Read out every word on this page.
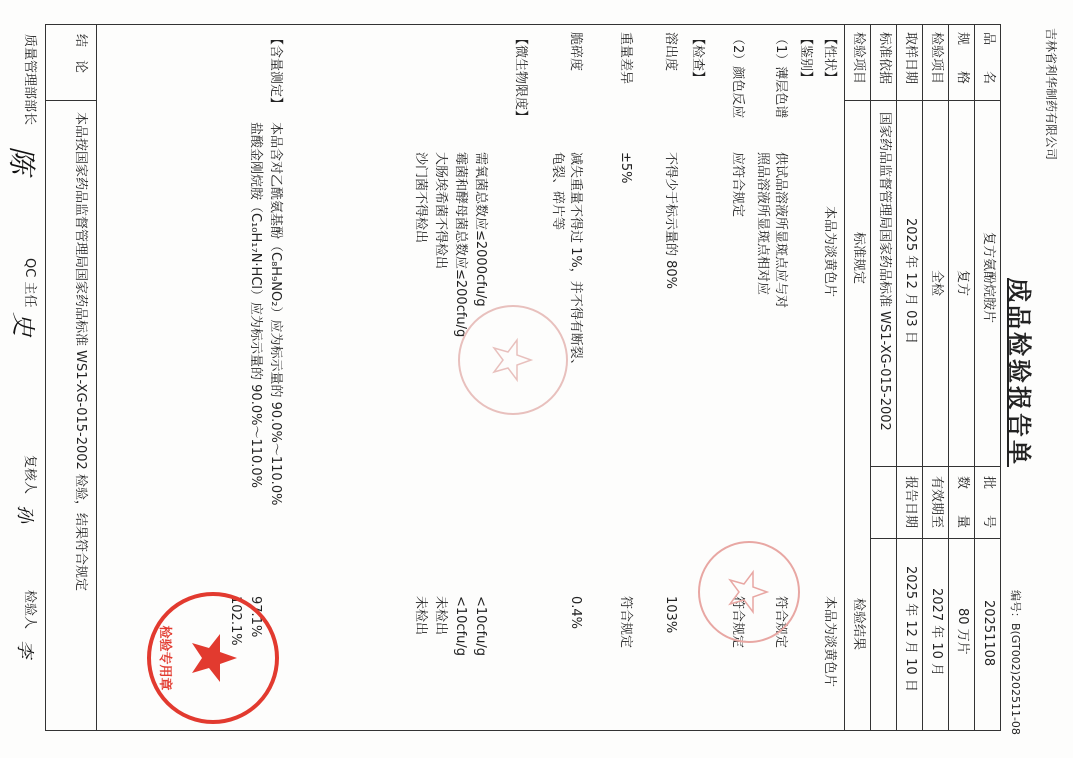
吉林省利华制药有限公司
成品检验报告单
编号：B(GT002)202511-08
品　　名
复方氨酚烷胺片
批　　号
20251108
规　　格
复方
数　　量
80 万片
检验项目
全检
有效期至
2027 年 10 月
取样日期
2025 年 12 月 03 日
报告日期
2025 年 12 月 10 日
标准依据
国家药品监督管理局国家药品标准 WS1-XG-015-2002
检验项目
标准规定
检验结果
【性状】
本品为淡黄色片
本品为淡黄色片
【鉴别】
（1）薄层色谱
供试品溶液所显斑点应与对
照品溶液所显斑点相对应
符合规定
（2）颜色反应
应符合规定
符合规定
【检查】
溶出度
不得少于标示量的 80%
103%
重量差异
±5%
符合规定
脆碎度
减失重量不得过 1%，并不得有断裂、
龟裂、碎片等
0.4%
【微生物限度】
需氧菌总数应≤2000cfu/g
<10cfu/g
霉菌和酵母菌总数应≤200cfu/g
<10cfu/g
大肠埃希菌不得检出
未检出
沙门菌不得检出
未检出
【含量测定】
本品含对乙酰氨基酚（C₈H₉NO₂）应为标示量的 90.0%～110.0%
97.1%
盐酸金刚烷胺（C₁₀H₁₇N·HCl）应为标示量的 90.0%～110.0%
102.1%
结　论
本品按国家药品监督管理局国家药品标准 WS1-XG-015-2002 检验，结果符合规定
质量管理部部长
陈
QC 主任
史
复核人
孙
检验人
李	检验专用章
